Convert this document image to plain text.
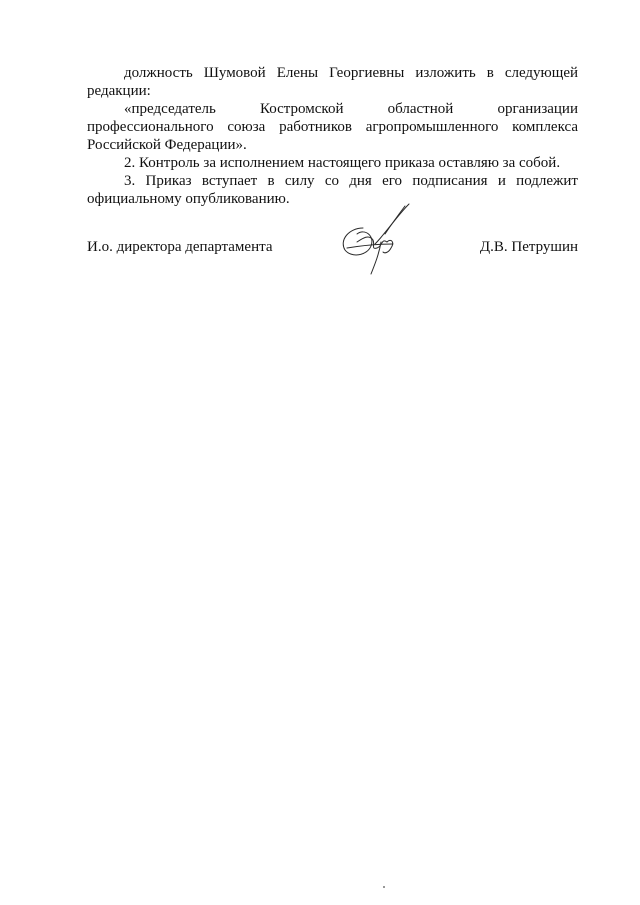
должность Шумовой Елены Георгиевны изложить в следующей редакции:

«председатель Костромской областной организации

профессионального союза работников агропромышленного комплекса Российской Федерации».

2. Контроль за исполнением настоящего приказа оставляю за собой.

3. Приказ вступает в силу со дня его подписания и подлежит официальному опубликованию.

И.о. директора департамента	Д.В. Петрушин
